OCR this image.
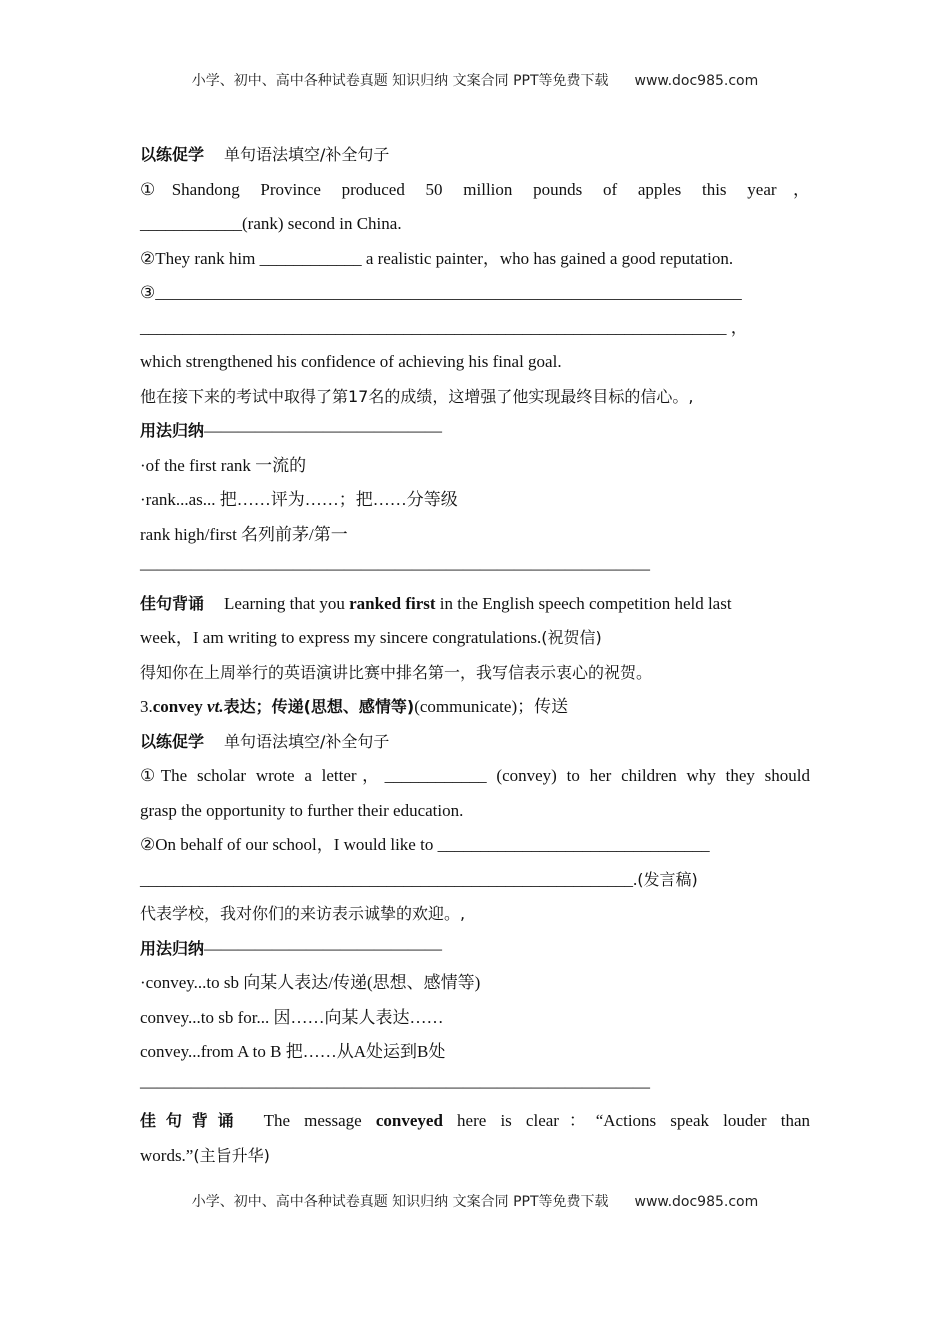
小学、初中、高中各种试卷真题 知识归纳 文案合同 PPT等免费下载 www.doc985.com
以练促学 单句语法填空/补全句子
①Shandong Province produced 50 million pounds of apples this year，
____________(rank) second in China.
②They rank him ____________ a realistic painter，who has gained a good reputation.
③_____________________________________________________________________
_____________________________________________________________________ ，
which strengthened his confidence of achieving his final goal.
他在接下来的考试中取得了第17名的成绩，这增强了他实现最终目标的信心。,
用法归纳——————————————
·of the first rank 一流的
·rank...as... 把……评为……；把……分等级
rank high/first 名列前茅/第一
——————————————————————————————
佳句背诵 Learning that you ranked first in the English speech competition held last
week，I am writing to express my sincere congratulations.(祝贺信)
得知你在上周举行的英语演讲比赛中排名第一，我写信表示衷心的祝贺。
3.convey vt.表达；传递(思想、感情等)(communicate)；传送
以练促学 单句语法填空/补全句子
①The scholar wrote a letter，____________ (convey) to her children why they should
grasp the opportunity to further their education.
②On behalf of our school，I would like to ________________________________
__________________________________________________________.(发言稿)
代表学校，我对你们的来访表示诚挚的欢迎。,
用法归纳——————————————
·convey...to sb 向某人表达/传递(思想、感情等)
convey...to sb for... 因……向某人表达……
convey...from A to B 把……从A处运到B处
——————————————————————————————
佳句背诵 The message conveyed here is clear：“Actions speak louder than
words.”(主旨升华)
小学、初中、高中各种试卷真题 知识归纳 文案合同 PPT等免费下载 www.doc985.com
